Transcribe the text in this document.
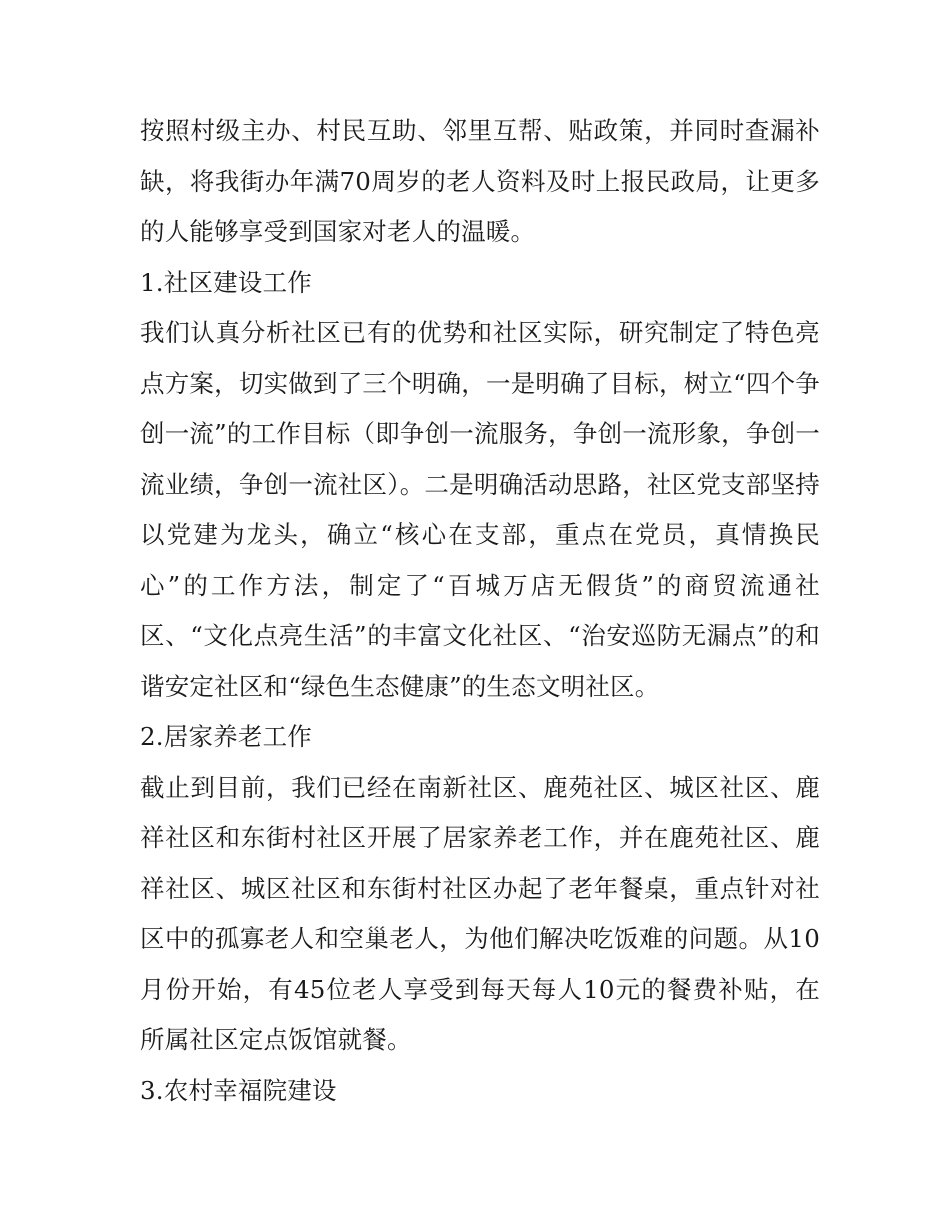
按照村级主办、村民互助、邻里互帮、贴政策，并同时查漏补缺，将我街办年满70周岁的老人资料及时上报民政局，让更多的人能够享受到国家对老人的温暖。

1.社区建设工作

我们认真分析社区已有的优势和社区实际，研究制定了特色亮点方案，切实做到了三个明确，一是明确了目标，树立“四个争创一流”的工作目标（即争创一流服务，争创一流形象，争创一流业绩，争创一流社区）。二是明确活动思路，社区党支部坚持以党建为龙头，确立“核心在支部，重点在党员，真情换民心”的工作方法，制定了“百城万店无假货”的商贸流通社区、“文化点亮生活”的丰富文化社区、“治安巡防无漏点”的和谐安定社区和“绿色生态健康”的生态文明社区。

2.居家养老工作

截止到目前，我们已经在南新社区、鹿苑社区、城区社区、鹿祥社区和东街村社区开展了居家养老工作，并在鹿苑社区、鹿祥社区、城区社区和东街村社区办起了老年餐桌，重点针对社区中的孤寡老人和空巢老人，为他们解决吃饭难的问题。从10月份开始，有45位老人享受到每天每人10元的餐费补贴，在所属社区定点饭馆就餐。

3.农村幸福院建设
